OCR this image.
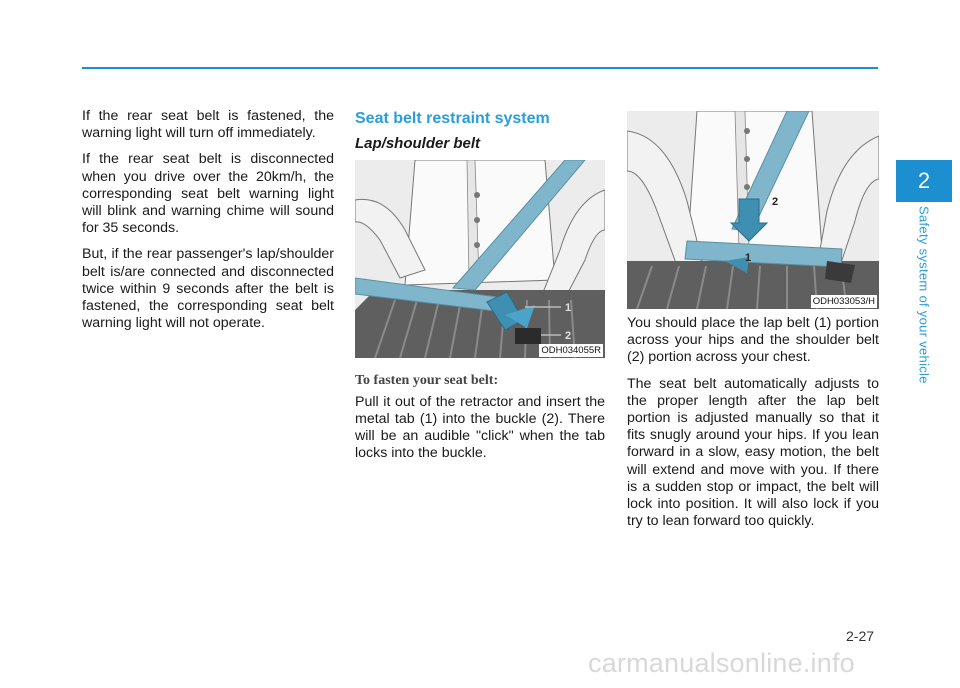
If the rear seat belt is fastened, the warning light will turn off immediately.

If the rear seat belt is disconnected when you drive over the 20km/h, the corresponding seat belt warning light will blink and warning chime will sound for 35 seconds.

But, if the rear passenger's lap/shoulder belt is/are connected and disconnected twice within 9 seconds after the belt is fastened, the corresponding seat belt warning light will not operate.

Seat belt restraint system
Lap/shoulder belt
1
2
ODH034055R
To fasten your seat belt:

Pull it out of the retractor and insert the metal tab (1) into the buckle (2). There will be an audible "click" when the tab locks into the buckle.

2
1
ODH033053/H

You should place the lap belt (1) portion across your hips and the shoulder belt (2) portion across your chest.

The seat belt automatically adjusts to the proper length after the lap belt portion is adjusted manually so that it fits snugly around your hips. If you lean forward in a slow, easy motion, the belt will extend and move with you. If there is a sudden stop or impact, the belt will lock into position. It will also lock if you try to lean forward too quickly.

2
Safety system of your vehicle
2-27
carmanualsonline.info
